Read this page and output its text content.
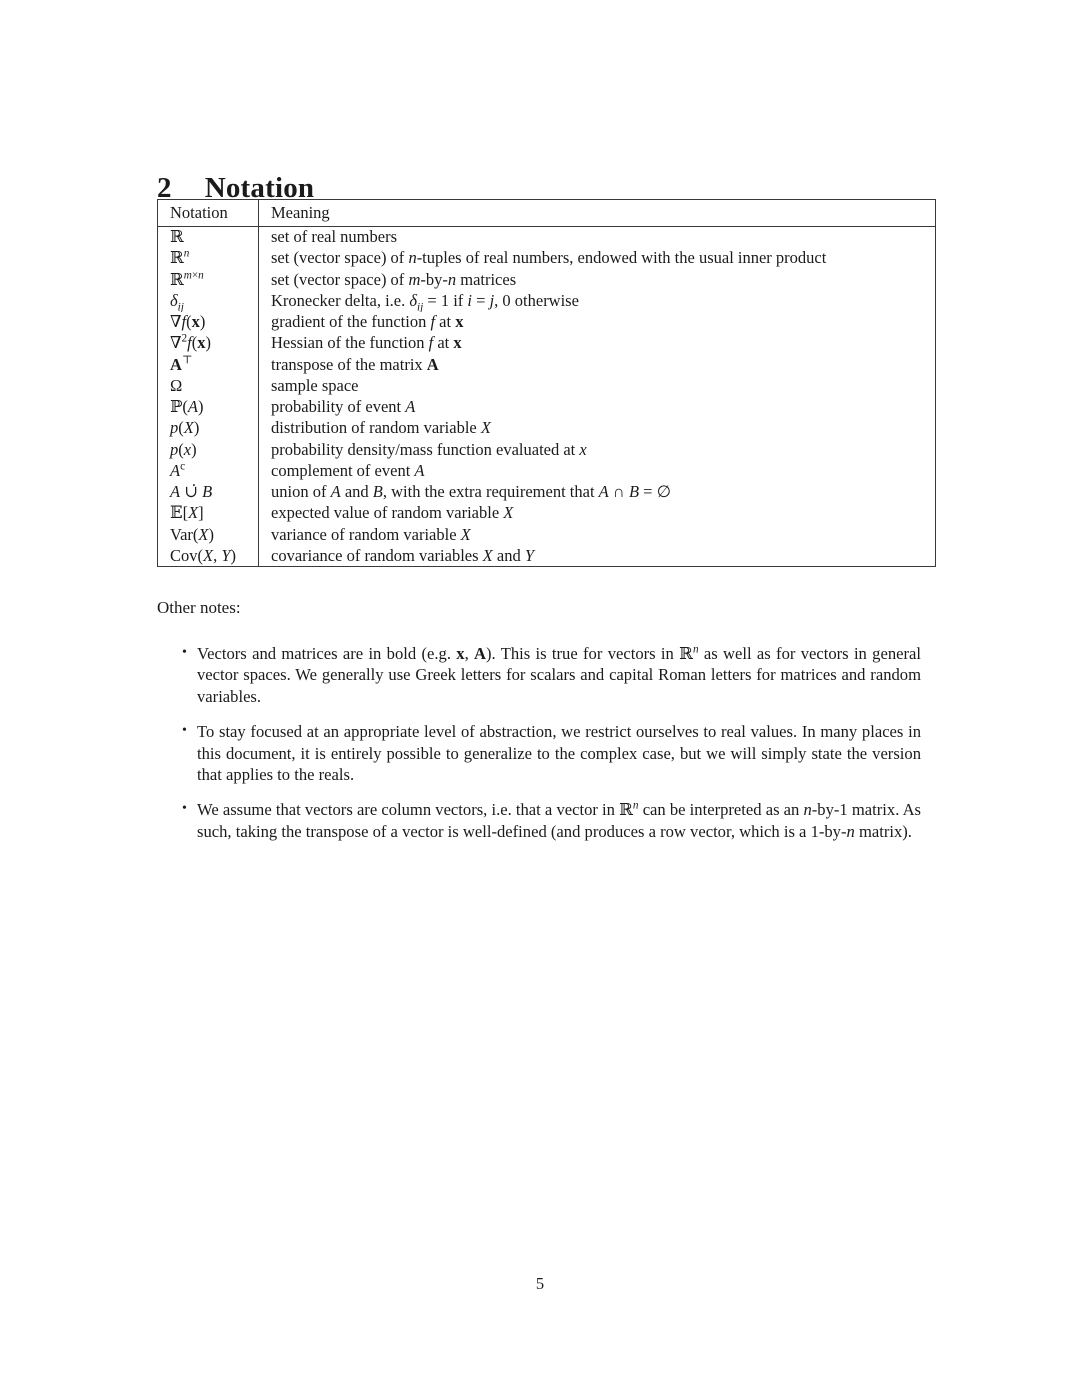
2 Notation
Notation	Meaning
ℝ	set of real numbers
ℝ$^n$	set (vector space) of n-tuples of real numbers, endowed with the usual inner product
ℝ$^{m\times n}$	set (vector space) of m-by-n matrices
$\delta_{ij}$	Kronecker delta, i.e. $\delta_{ij} = 1$ if i = j, 0 otherwise
∇f(x)	gradient of the function f at x
∇$^2$f(x)	Hessian of the function f at x
A⊤	transpose of the matrix A
Ω	sample space
ℙ(A)	probability of event A
p(X)	distribution of random variable X
p(x)	probability density/mass function evaluated at x
$A^c$	complement of event A
A ∪̇ B	union of A and B, with the extra requirement that A ∩ B = ∅
𝔼[X]	expected value of random variable X
Var(X)	variance of random variable X
Cov(X, Y)	covariance of random variables X and Y
Other notes:
• Vectors and matrices are in bold (e.g. x, A). This is true for vectors in ℝ$^n$ as well as for vectors in general vector spaces. We generally use Greek letters for scalars and capital Roman letters for matrices and random variables.
• To stay focused at an appropriate level of abstraction, we restrict ourselves to real values. In many places in this document, it is entirely possible to generalize to the complex case, but we will simply state the version that applies to the reals.
• We assume that vectors are column vectors, i.e. that a vector in ℝ$^n$ can be interpreted as an n-by-1 matrix. As such, taking the transpose of a vector is well-defined (and produces a row vector, which is a 1-by-n matrix).
5
